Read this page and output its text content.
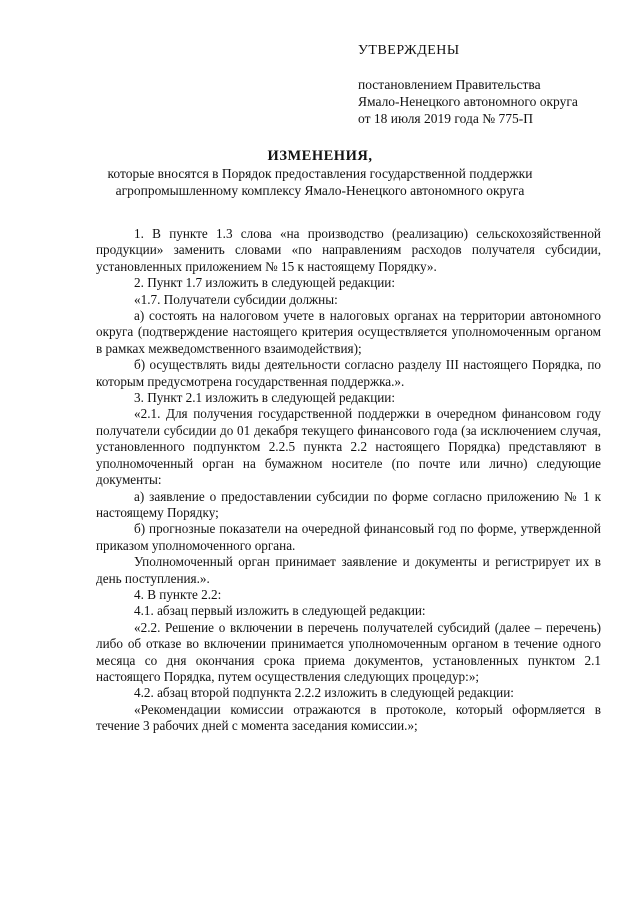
УТВЕРЖДЕНЫ
постановлением Правительства
Ямало-Ненецкого автономного округа
от 18 июля 2019 года № 775-П
ИЗМЕНЕНИЯ,
которые вносятся в Порядок предоставления государственной поддержки
агропромышленному комплексу Ямало-Ненецкого автономного округа

1. В пункте 1.3 слова «на производство (реализацию) сельскохозяйственной продукции» заменить словами «по направлениям расходов получателя субсидии, установленных приложением № 15 к настоящему Порядку».

2. Пункт 1.7 изложить в следующей редакции:

«1.7. Получатели субсидии должны:

а) состоять на налоговом учете в налоговых органах на территории автономного округа (подтверждение настоящего критерия осуществляется уполномоченным органом в рамках межведомственного взаимодействия);

б) осуществлять виды деятельности согласно разделу III настоящего Порядка, по которым предусмотрена государственная поддержка.».

3. Пункт 2.1 изложить в следующей редакции:

«2.1. Для получения государственной поддержки в очередном финансовом году получатели субсидии до 01 декабря текущего финансового года (за исключением случая, установленного подпунктом 2.2.5 пункта 2.2 настоящего Порядка) представляют в уполномоченный орган на бумажном носителе (по почте или лично) следующие документы:

а) заявление о предоставлении субсидии по форме согласно приложению № 1 к настоящему Порядку;

б) прогнозные показатели на очередной финансовый год по форме, утвержденной приказом уполномоченного органа.

Уполномоченный орган принимает заявление и документы и регистрирует их в день поступления.».

4. В пункте 2.2:

4.1. абзац первый изложить в следующей редакции:

«2.2. Решение о включении в перечень получателей субсидий (далее – перечень) либо об отказе во включении принимается уполномоченным органом в течение одного месяца со дня окончания срока приема документов, установленных пунктом 2.1 настоящего Порядка, путем осуществления следующих процедур:»;

4.2. абзац второй подпункта 2.2.2 изложить в следующей редакции:

«Рекомендации комиссии отражаются в протоколе, который оформляется в течение 3 рабочих дней с момента заседания комиссии.»;
